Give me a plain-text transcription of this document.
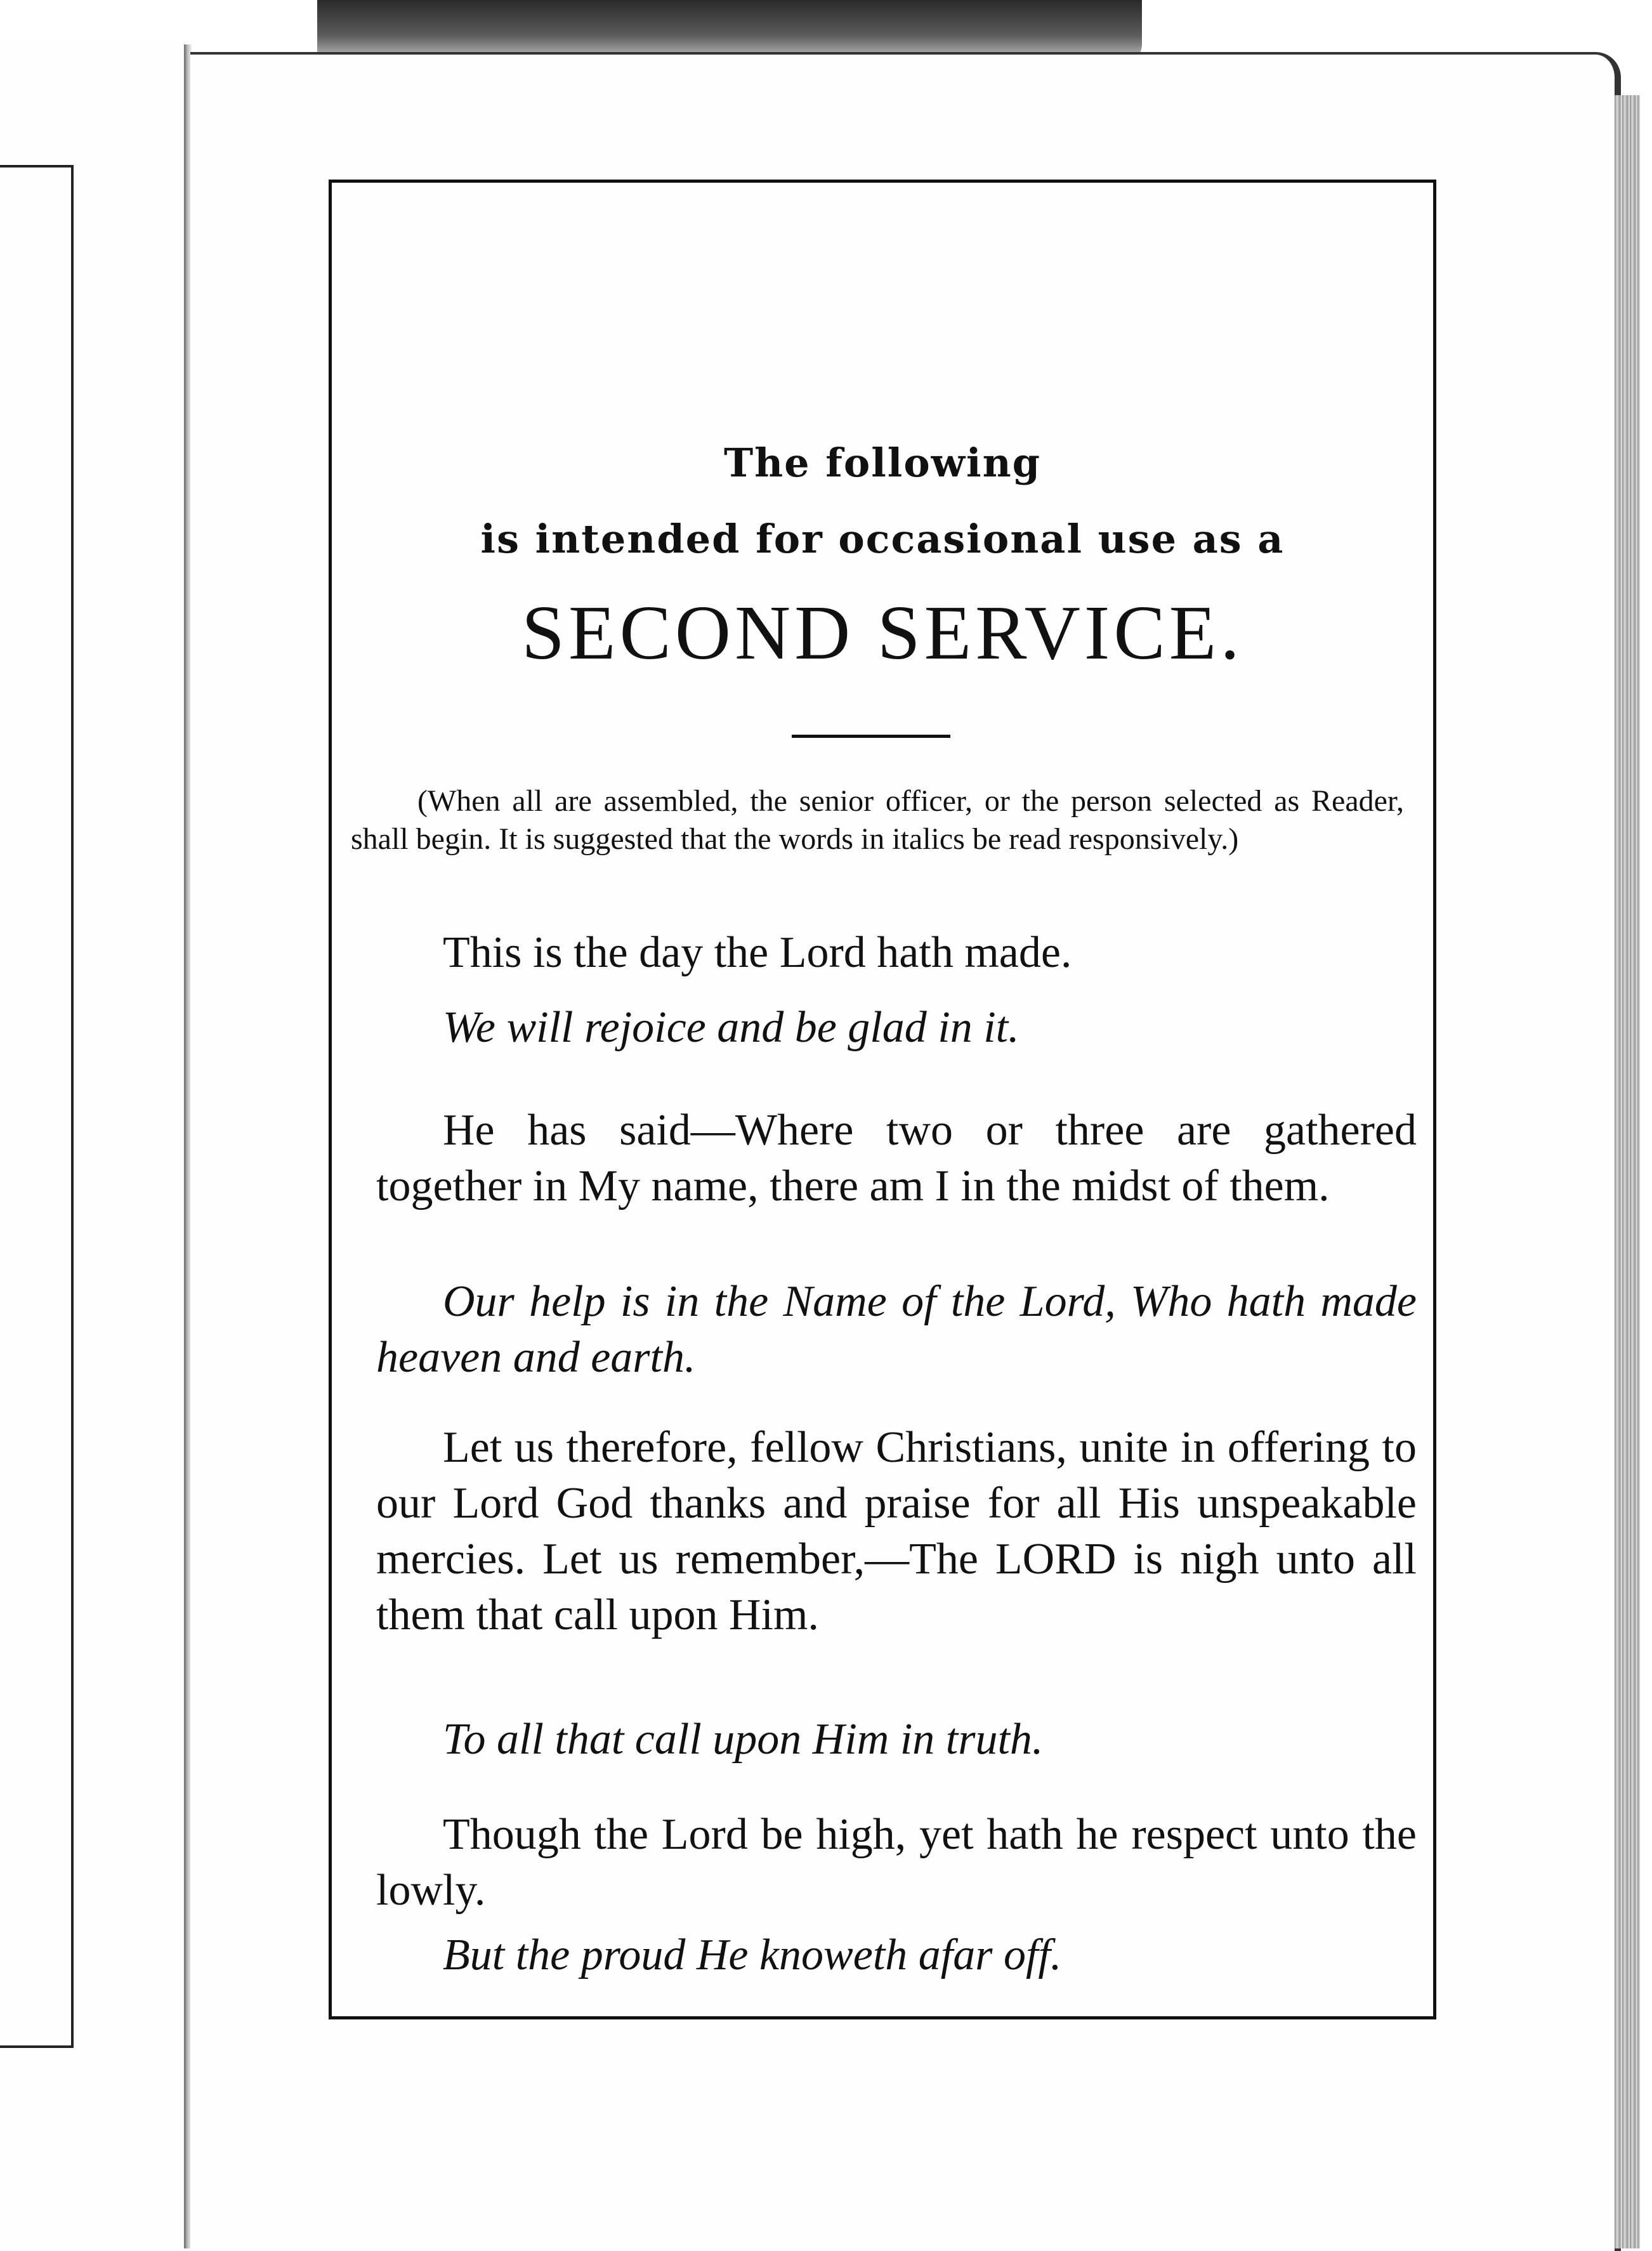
The following
is intended for occasional use as a
SECOND SERVICE.
(When all are assembled, the senior officer, or the person selected as Reader, shall begin. It is suggested that the words in italics be read responsively.)
This is the day the Lord hath made.
We will rejoice and be glad in it.
He has said—Where two or three are gathered together in My name, there am I in the midst of them.
Our help is in the Name of the Lord, Who hath made heaven and earth.
Let us therefore, fellow Christians, unite in offering to our Lord God thanks and praise for all His unspeakable mercies. Let us remember,—The LORD is nigh unto all them that call upon Him.
To all that call upon Him in truth.
Though the Lord be high, yet hath he respect unto the lowly.
But the proud He knoweth afar off.
